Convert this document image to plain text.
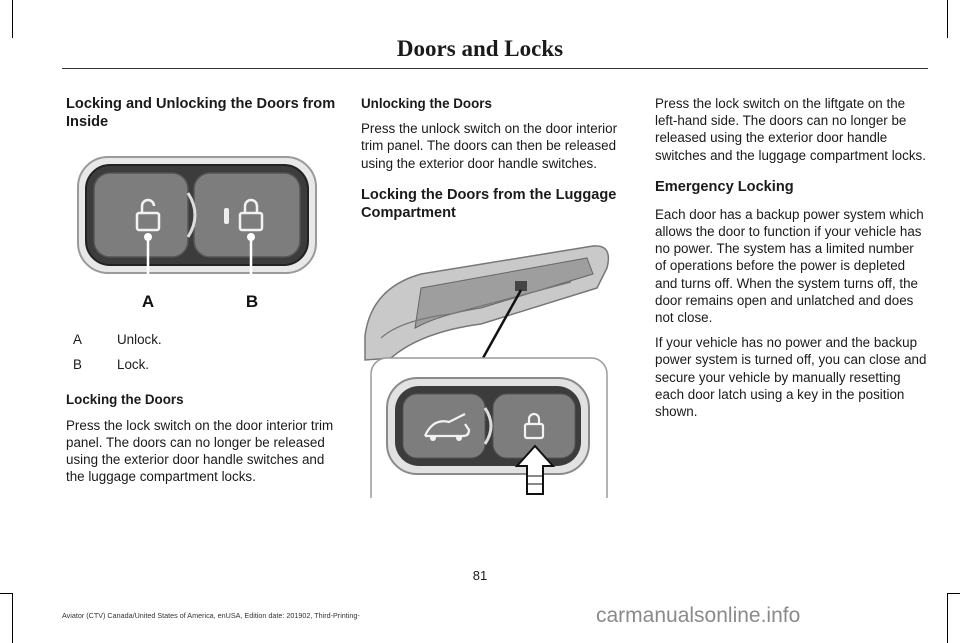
Doors and Locks
Locking and Unlocking the Doors from Inside
A	B
A	Unlock.
B	Lock.
Locking the Doors

Press the lock switch on the door interior trim panel. The doors can no longer be released using the exterior door handle switches and the luggage compartment locks.

Unlocking the Doors

Press the unlock switch on the door interior trim panel. The doors can then be released using the exterior door handle switches.

Locking the Doors from the Luggage Compartment

Press the lock switch on the liftgate on the left-hand side. The doors can no longer be released using the exterior door handle switches and the luggage compartment locks.

Emergency Locking

Each door has a backup power system which allows the door to function if your vehicle has no power. The system has a limited number of operations before the power is depleted and turns off. When the system turns off, the door remains open and unlatched and does not close.

If your vehicle has no power and the backup power system is turned off, you can close and secure your vehicle by manually resetting each door latch using a key in the position shown.

81
Aviator (CTV) Canada/United States of America, enUSA, Edition date: 201902, Third-Printing-	carmanualsonline.info
